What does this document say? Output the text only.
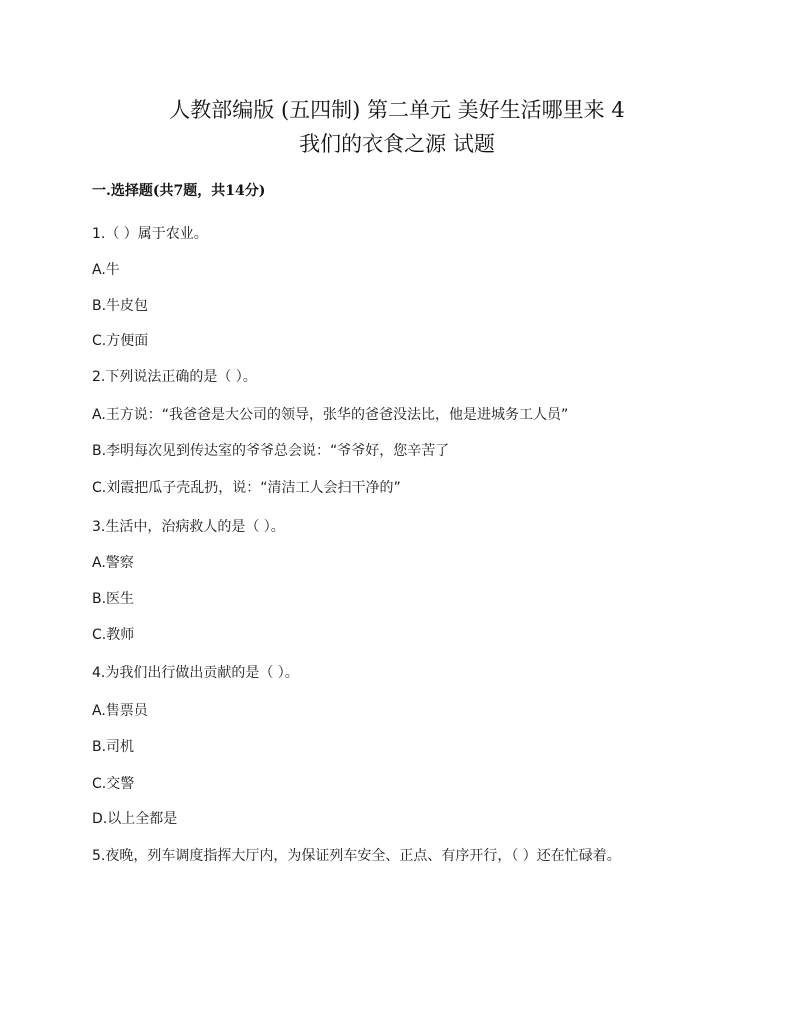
人教部编版 (五四制) 第二单元 美好生活哪里来 4
我们的衣食之源 试题
一.选择题(共7题，共14分)
1.（ ）属于农业。
A.牛
B.牛皮包
C.方便面
2.下列说法正确的是（ ）。
A.王方说：“我爸爸是大公司的领导，张华的爸爸没法比，他是进城务工人员”
B.李明每次见到传达室的爷爷总会说：“爷爷好，您辛苦了
C.刘霞把瓜子壳乱扔，说：“清洁工人会扫干净的”
3.生活中，治病救人的是（ ）。
A.警察
B.医生
C.教师
4.为我们出行做出贡献的是（ ）。
A.售票员
B.司机
C.交警
D.以上全都是
5.夜晚，列车调度指挥大厅内，为保证列车安全、正点、有序开行，（ ）还在忙碌着。
